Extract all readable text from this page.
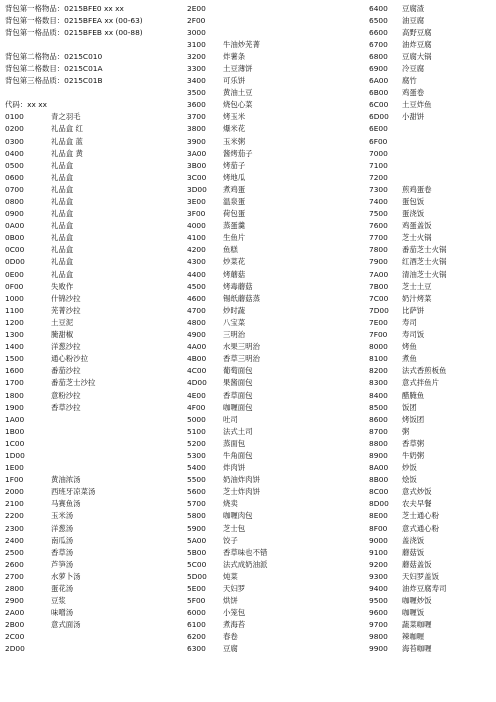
背包第一格物品：0215BFE0 xx xx
背包第一格数目：0215BFEA xx (00-63)
背包第一格品质：0215BFEB xx (00-88)
背包第二格物品：0215C010
背包第二格数目：0215C01A
背包第三格品质：0215C01B
代码：xx xx
0100	青之羽毛
0200	礼品盒 红
0300	礼品盒 蓝
0400	礼品盒 黄
0500	礼品盒
0600	礼品盒
0700	礼品盒
0800	礼品盒
0900	礼品盒
0A00	礼品盒
0B00	礼品盒
0C00	礼品盒
0D00	礼品盒
0E00	礼品盒
0F00	失败作
1000	什锦沙拉
1100	芜菁沙拉
1200	土豆泥
1300	腌甜椒
1400	洋葱沙拉
1500	通心粉沙拉
1600	番茄沙拉
1700	番茄芝士沙拉
1800	意粉沙拉
1900	香草沙拉
1A00
1B00
1C00
1D00
1E00
1F00	黄油浓汤
2000	西班牙凉菜汤
2100	马赛鱼汤
2200	玉米汤
2300	洋葱汤
2400	南瓜汤
2500	香草汤
2600	芦笋汤
2700	水萝卜汤
2800	蛋花汤
2900	豆浆
2A00	味噌汤
2B00	意式面汤
2C00
2D00
2E00
2F00
3000
3100 牛油炒芜菁
3200 炸薯条
3300 土豆薄饼
3400 可乐饼
3500 黄油土豆
3600 烧包心菜
3700 烤玉米
3800 爆米花
3900 玉米粥
3A00 酱烤茄子
3B00 烤茄子
3C00 烤地瓜
3D00 煮鸡蛋
3E00 温泉蛋
3F00 荷包蛋
4000 蒸蛋羹
4100 生鱼片
4200 鱼糕
4300 炒菜花
4400 烤蘑菇
4500 烤毒蘑菇
4600 锡纸蘑菇蒸
4700 炒时蔬
4800 八宝菜
4900 三明治
4A00 水果三明治
4B00 香草三明治
4C00 葡萄面包
4D00 果酱面包
4E00 香草面包
4F00 咖喱面包
5000 吐司
5100 法式土司
5200 蒸面包
5300 牛角面包
5400 炸肉饼
5500 奶油炸肉饼
5600 芝士炸肉饼
5700 烧卖
5800 咖喱肉包
5900 芝士包
5A00 饺子
5B00 香草味也不错
5C00 法式成奶油派
5D00 炖菜
5E00 天妇罗
5F00 烘饼
6000 小笼包
6100 煮海苔
6200 春卷
6300 豆腐
6400 豆腐渣
6500 油豆腐
6600 高野豆腐
6700 油炸豆腐
6800 豆腐大锅
6900 冷豆腐
6A00 腐竹
6B00 鸡蛋卷
6C00 土豆炸鱼
6D00 小甜饼
6E00
6F00
7000
7100
7200
7300 煎鸡蛋卷
7400 蛋包饭
7500 蛋浇饭
7600 鸡蛋盖饭
7700 芝士火锅
7800 番茄芝士火锅
7900 红酒芝士火锅
7A00 清油芝士火锅
7B00 芝士土豆
7C00 奶汁烤菜
7D00 比萨饼
7E00 寿司
7F00 寿司饭
8000 烤鱼
8100 煮鱼
8200 法式香煎板鱼
8300 意式拌鱼片
8400 醋腌鱼
8500 饭团
8600 烤饭团
8700 粥
8800 香草粥
8900 牛奶粥
8A00 炒饭
8B00 烩饭
8C00 意式炒饭
8D00 农夫早餐
8E00 芝士通心粉
8F00 意式通心粉
9000 盖浇饭
9100 蘑菇饭
9200 蘑菇盖饭
9300 天妇罗盖饭
9400 油炸豆腐寿司
9500 咖喱炒饭
9600 咖喱饭
9700 蔬菜咖喱
9800 辣咖喱
9900 海苔咖喱
